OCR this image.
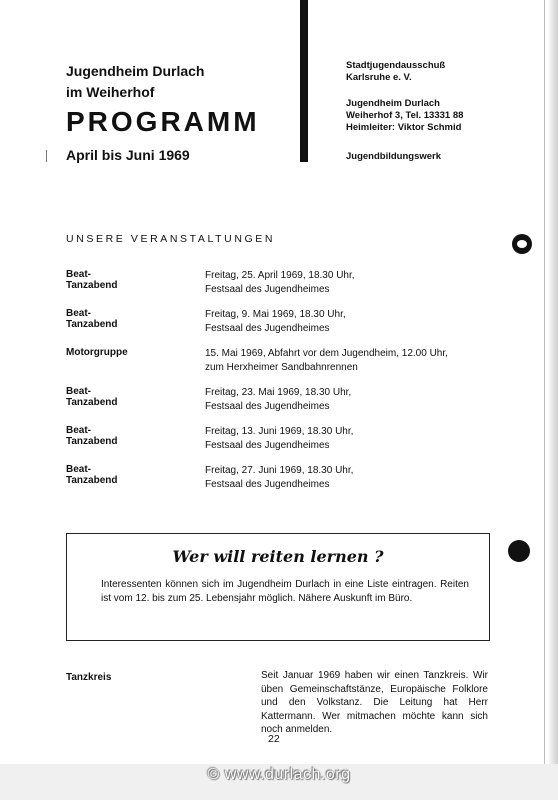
Jugendheim Durlach
im Weiherhof
PROGRAMM
April bis Juni 1969
Stadtjugendausschuß
Karlsruhe e. V.
Jugendheim Durlach
Weiherhof 3, Tel. 13331 88
Heimleiter: Viktor Schmid
Jugendbildungswerk
UNSERE VERANSTALTUNGEN
Beat-Tanzabend
Freitag, 25. April 1969, 18.30 Uhr,
Festsaal des Jugendheimes
Beat-Tanzabend
Freitag, 9. Mai 1969, 18.30 Uhr,
Festsaal des Jugendheimes
Motorgruppe	15. Mai 1969, Abfahrt vor dem Jugendheim, 12.00 Uhr,
zum Herxheimer Sandbahnrennen
Beat-Tanzabend
Freitag, 23. Mai 1969, 18.30 Uhr,
Festsaal des Jugendheimes
Beat-Tanzabend
Freitag, 13. Juni 1969, 18.30 Uhr,
Festsaal des Jugendheimes
Beat-Tanzabend
Freitag, 27. Juni 1969, 18.30 Uhr,
Festsaal des Jugendheimes
Wer will reiten lernen ?
Interessenten können sich im Jugendheim Durlach in eine Liste eintragen. Reiten ist vom 12. bis zum 25. Lebensjahr möglich. Nähere Auskunft im Büro.
Tanzkreis	Seit Januar 1969 haben wir einen Tanzkreis. Wir üben Gemeinschaftstänze, Europäische Folklore und den Volkstanz. Die Leitung hat Herr Kattermann. Wer mitmachen möchte kann sich noch anmelden.
22
© www.durlach.org
